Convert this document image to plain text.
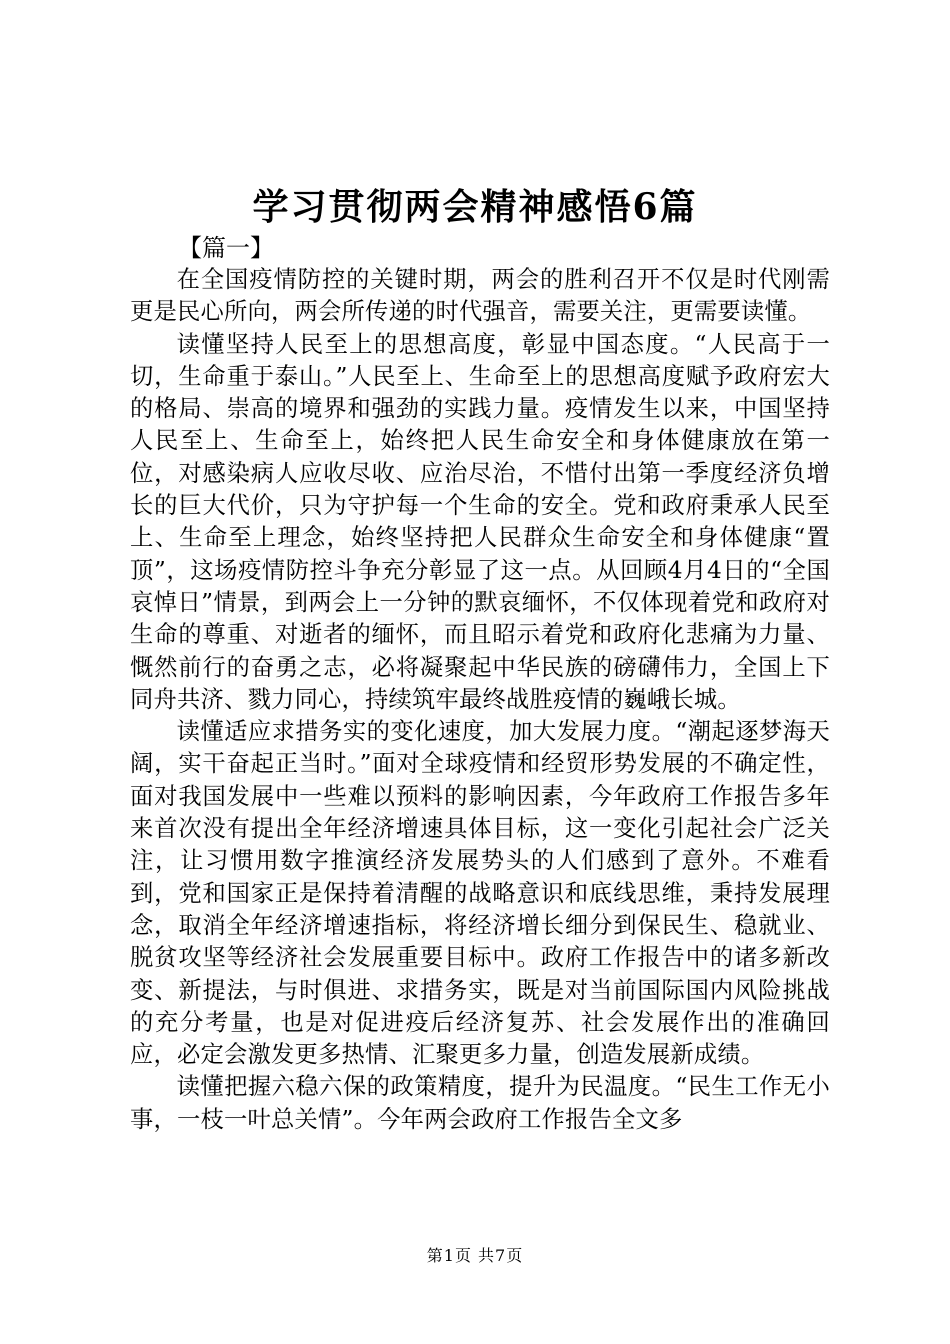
学习贯彻两会精神感悟6篇

【篇一】

在全国疫情防控的关键时期，两会的胜利召开不仅是时代刚需更是民心所向，两会所传递的时代强音，需要关注，更需要读懂。

读懂坚持人民至上的思想高度，彰显中国态度。“人民高于一切，生命重于泰山。”人民至上、生命至上的思想高度赋予政府宏大的格局、崇高的境界和强劲的实践力量。疫情发生以来，中国坚持人民至上、生命至上，始终把人民生命安全和身体健康放在第一位，对感染病人应收尽收、应治尽治，不惜付出第一季度经济负增长的巨大代价，只为守护每一个生命的安全。党和政府秉承人民至上、生命至上理念，始终坚持把人民群众生命安全和身体健康“置顶”，这场疫情防控斗争充分彰显了这一点。从回顾4月4日的“全国哀悼日”情景，到两会上一分钟的默哀缅怀，不仅体现着党和政府对生命的尊重、对逝者的缅怀，而且昭示着党和政府化悲痛为力量、慨然前行的奋勇之志，必将凝聚起中华民族的磅礴伟力，全国上下同舟共济、戮力同心，持续筑牢最终战胜疫情的巍峨长城。

读懂适应求措务实的变化速度，加大发展力度。“潮起逐梦海天阔，实干奋起正当时。”面对全球疫情和经贸形势发展的不确定性，面对我国发展中一些难以预料的影响因素，今年政府工作报告多年来首次没有提出全年经济增速具体目标，这一变化引起社会广泛关注，让习惯用数字推演经济发展势头的人们感到了意外。不难看到，党和国家正是保持着清醒的战略意识和底线思维，秉持发展理念，取消全年经济增速指标，将经济增长细分到保民生、稳就业、脱贫攻坚等经济社会发展重要目标中。政府工作报告中的诸多新改变、新提法，与时俱进、求措务实，既是对当前国际国内风险挑战的充分考量，也是对促进疫后经济复苏、社会发展作出的准确回应，必定会激发更多热情、汇聚更多力量，创造发展新成绩。

读懂把握六稳六保的政策精度，提升为民温度。“民生工作无小事，一枝一叶总关情”。今年两会政府工作报告全文多

第1页 共7页
